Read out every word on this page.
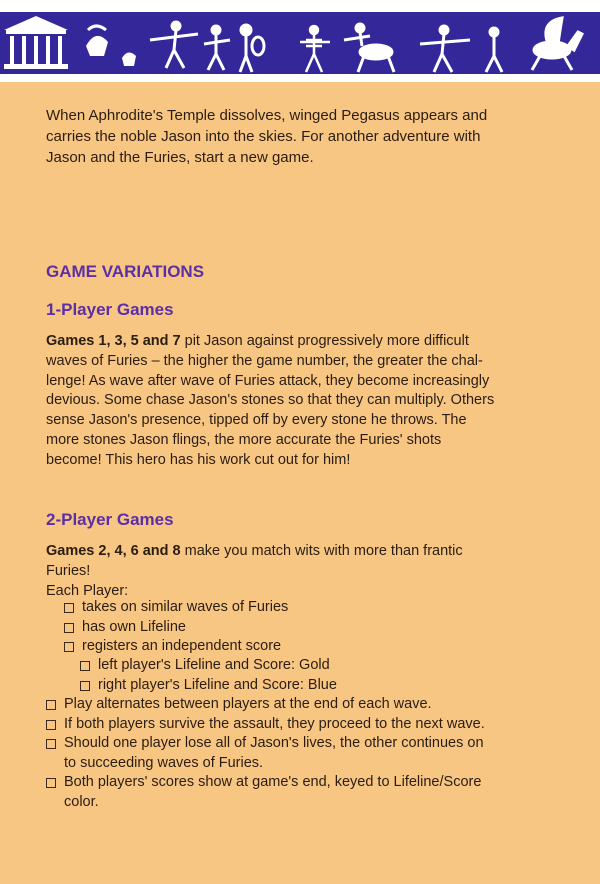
When Aphrodite's Temple dissolves, winged Pegasus appears and
carries the noble Jason into the skies. For another adventure with
Jason and the Furies, start a new game.

GAME VARIATIONS
1-Player Games

Games 1, 3, 5 and 7 pit Jason against progressively more difficult
waves of Furies – the higher the game number, the greater the chal-
lenge! As wave after wave of Furies attack, they become increasingly
devious. Some chase Jason's stones so that they can multiply. Others
sense Jason's presence, tipped off by every stone he throws. The
more stones Jason flings, the more accurate the Furies' shots
become! This hero has his work cut out for him!

2-Player Games

Games 2, 4, 6 and 8 make you match wits with more than frantic
Furies!
Each Player:

takes on similar waves of Furies
has own Lifeline
registers an independent score
left player's Lifeline and Score: Gold
right player's Lifeline and Score: Blue
Play alternates between players at the end of each wave.
If both players survive the assault, they proceed to the next wave.
Should one player lose all of Jason's lives, the other continues on
to succeeding waves of Furies.
Both players' scores show at game's end, keyed to Lifeline/Score
color.
